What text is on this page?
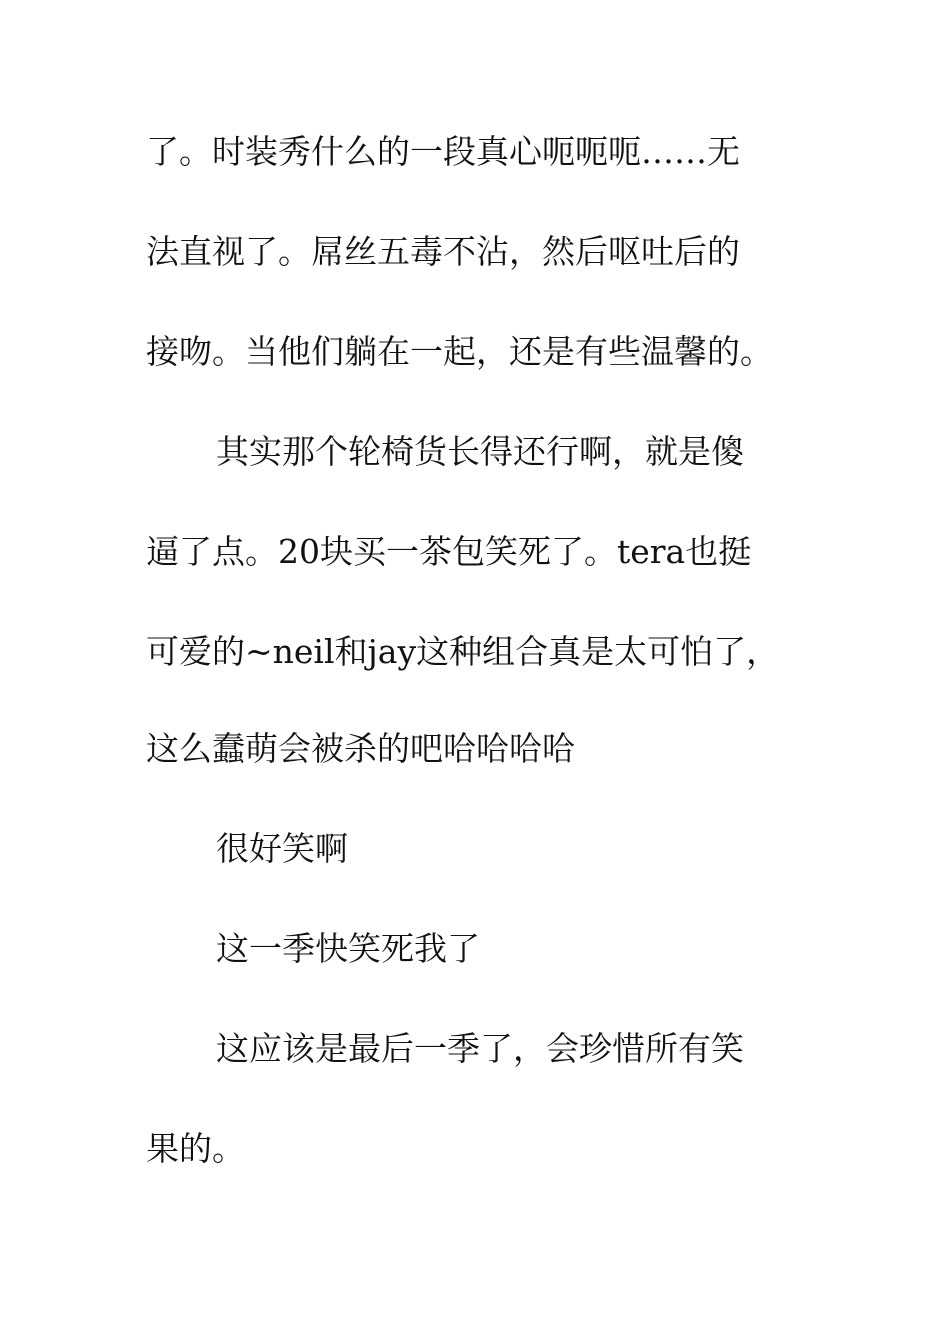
了。时装秀什么的一段真心呃呃呃……无

法直视了。屌丝五毒不沾，然后呕吐后的

接吻。当他们躺在一起，还是有些温馨的。

其实那个轮椅货长得还行啊，就是傻

逼了点。20块买一茶包笑死了。tera也挺

可爱的~neil和jay这种组合真是太可怕了，

这么蠢萌会被杀的吧哈哈哈哈

很好笑啊

这一季快笑死我了

这应该是最后一季了，会珍惜所有笑

果的。
